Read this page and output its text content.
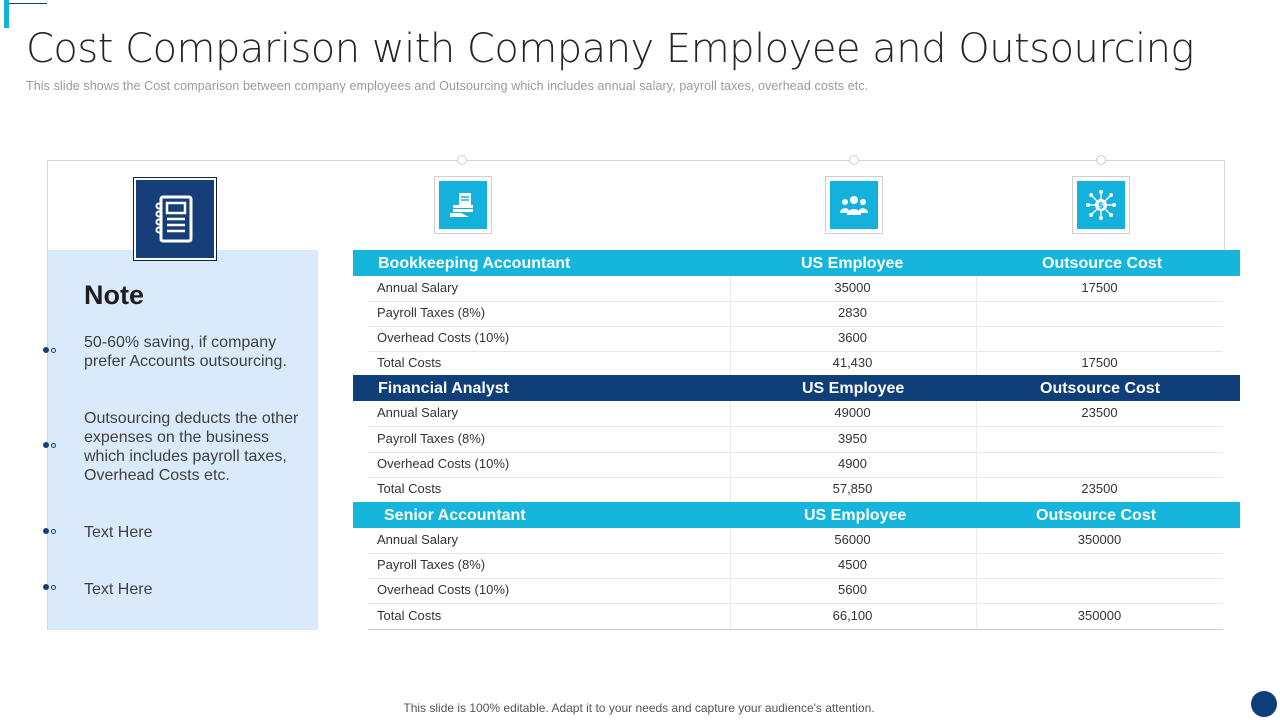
Cost Comparison with Company Employee and Outsourcing
This slide shows the Cost comparison between company employees and Outsourcing which includes annual salary, payroll taxes, overhead costs etc.
Note
50-60% saving, if company prefer Accounts outsourcing.
Outsourcing deducts the other expenses on the business which includes payroll taxes, Overhead Costs etc.
Text Here
Text Here
$
Bookkeeping Accountant	US Employee	Outsource Cost
Annual Salary	35000	17500
Payroll Taxes (8%)	2830
Overhead Costs (10%)	3600
Total Costs	41,430	17500
Financial Analyst	US Employee	Outsource Cost
Annual Salary	49000	23500
Payroll Taxes (8%)	3950
Overhead Costs (10%)	4900
Total Costs	57,850	23500
Senior Accountant	US Employee	Outsource Cost
Annual Salary	56000	350000
Payroll Taxes (8%)	4500
Overhead Costs (10%)	5600
Total Costs	66,100	350000
This slide is 100% editable. Adapt it to your needs and capture your audience's attention.
